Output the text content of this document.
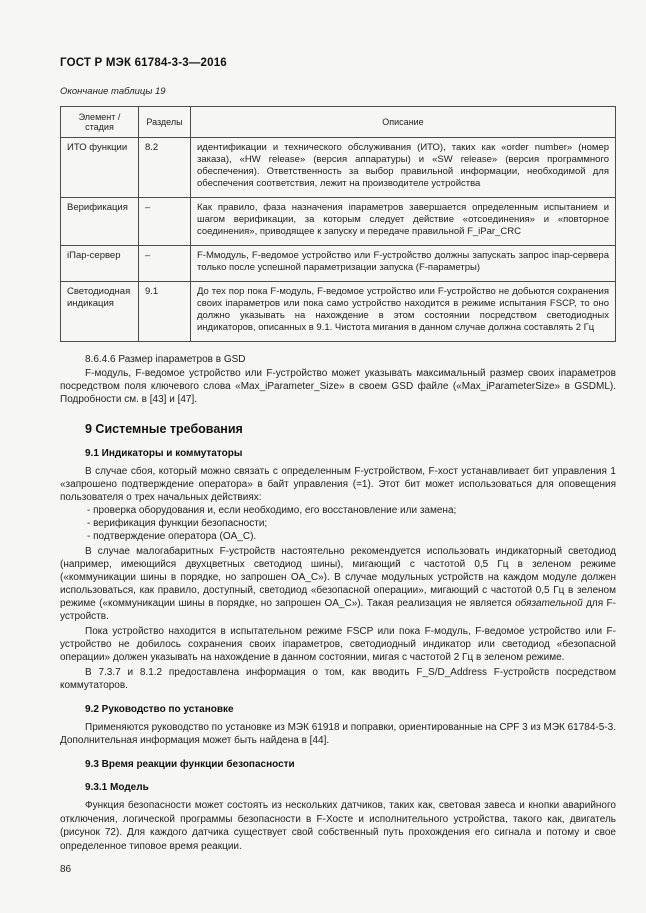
ГОСТ Р МЭК 61784-3-3—2016
Окончание таблицы 19
Элемент / стадия	Разделы	Описание
ИТО функции	8.2	идентификации и технического обслуживания (ИТО), таких как «order number» (номер заказа), «HW release» (версия аппаратуры) и «SW release» (версия программного обеспечения). Ответственность за выбор правильной информации, необходимой для обеспечения соответствия, лежит на производителе устройства
Верификация	–	Как правило, фаза назначения iпараметров завершается определенным испытанием и шагом верификации, за которым следует действие «отсоединения» и «повторное соединения», приводящее к запуску и передаче правильной F_iPar_CRC
iПар-сервер	–	F-Ммодуль, F-ведомое устройство или F-устройство должны запускать запрос iпар-сервера только после успешной параметризации запуска (F-параметры)
Светодиодная индикация	9.1	До тех пор пока F-модуль, F-ведомое устройство или F-устройство не добьются сохранения своих iпараметров или пока само устройство находится в режиме испытания FSCP, то оно должно указывать на нахождение в этом состоянии посредством светодиодных индикаторов, описанных в 9.1. Чистота мигания в данном случае должна составлять 2 Гц

8.6.4.6 Размер iпараметров в GSD

F-модуль, F-ведомое устройство или F-устройство может указывать максимальный размер своих iпараметров посредством поля ключевого слова «Max_iParameter_Size» в своем GSD файле («Max_iParameterSize» в GSDML). Подробности см. в [43] и [47].

9 Системные требования
9.1 Индикаторы и коммутаторы

В случае сбоя, который можно связать с определенным F-устройством, F-хост устанавливает бит управления 1 «запрошено подтверждение оператора» в байт управления (=1). Этот бит может использоваться для оповещения пользователя о трех начальных действиях:

- проверка оборудования и, если необходимо, его восстановление или замена;

- верификация функции безопасности;

- подтверждение оператора (OA_C).

В случае малогабаритных F-устройств настоятельно рекомендуется использовать индикаторный светодиод (например, имеющийся двухцветных светодиод шины), мигающий с частотой 0,5 Гц в зеленом режиме («коммуникации шины в порядке, но запрошен OA_C»). В случае модульных устройств на каждом модуле должен использоваться, как правило, доступный, светодиод «безопасной операции», мигающий с частотой 0,5 Гц в зеленом режиме («коммуникации шины в порядке, но запрошен OA_C»). Такая реализация не является обязательной для F-устройств.

Пока устройство находится в испытательном режиме FSCP или пока F-модуль, F-ведомое устройство или F-устройство не добилось сохранения своих iпараметров, светодиодный индикатор или светодиод «безопасной операции» должен указывать на нахождение в данном состоянии, мигая с частотой 2 Гц в зеленом режиме.

В 7.3.7 и 8.1.2 предоставлена информация о том, как вводить F_S/D_Address F-устройств посредством коммутаторов.

9.2 Руководство по установке

Применяются руководство по установке из МЭК 61918 и поправки, ориентированные на CPF 3 из МЭК 61784-5-3. Дополнительная информация может быть найдена в [44].

9.3 Время реакции функции безопасности
9.3.1 Модель

Функция безопасности может состоять из нескольких датчиков, таких как, световая завеса и кнопки аварийного отключения, логической программы безопасности в F-Хосте и исполнительного устройства, такого как, двигатель (рисунок 72). Для каждого датчика существует свой собственный путь прохождения его сигнала и потому и свое определенное типовое время реакции.

86
